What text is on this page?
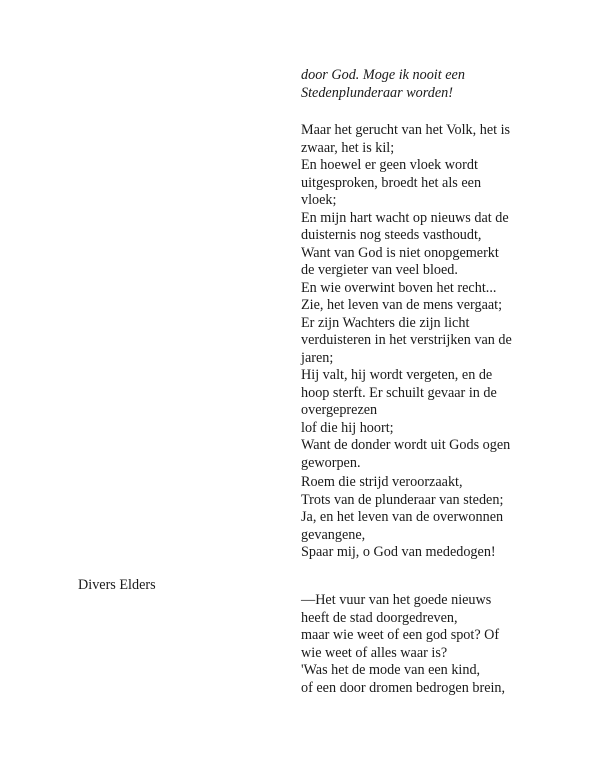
door God. Moge ik nooit een
Stedenplunderaar worden!
Maar het gerucht van het Volk, het is
zwaar, het is kil;
En hoewel er geen vloek wordt
uitgesproken, broedt het als een
vloek;
En mijn hart wacht op nieuws dat de
duisternis nog steeds vasthoudt,
Want van God is niet onopgemerkt
de vergieter van veel bloed.
En wie overwint boven het recht...
Zie, het leven van de mens vergaat;
Er zijn Wachters die zijn licht
verduisteren in het verstrijken van de
jaren;
Hij valt, hij wordt vergeten, en de
hoop sterft. Er schuilt gevaar in de
overgeprezen
lof die hij hoort;
Want de donder wordt uit Gods ogen
geworpen.
Roem die strijd veroorzaakt,
Trots van de plunderaar van steden;
Ja, en het leven van de overwonnen
gevangene,
Spaar mij, o God van mededogen!
Divers Elders
—Het vuur van het goede nieuws
heeft de stad doorgedreven,
maar wie weet of een god spot? Of
wie weet of alles waar is?
'Was het de mode van een kind,
of een door dromen bedrogen brein,
